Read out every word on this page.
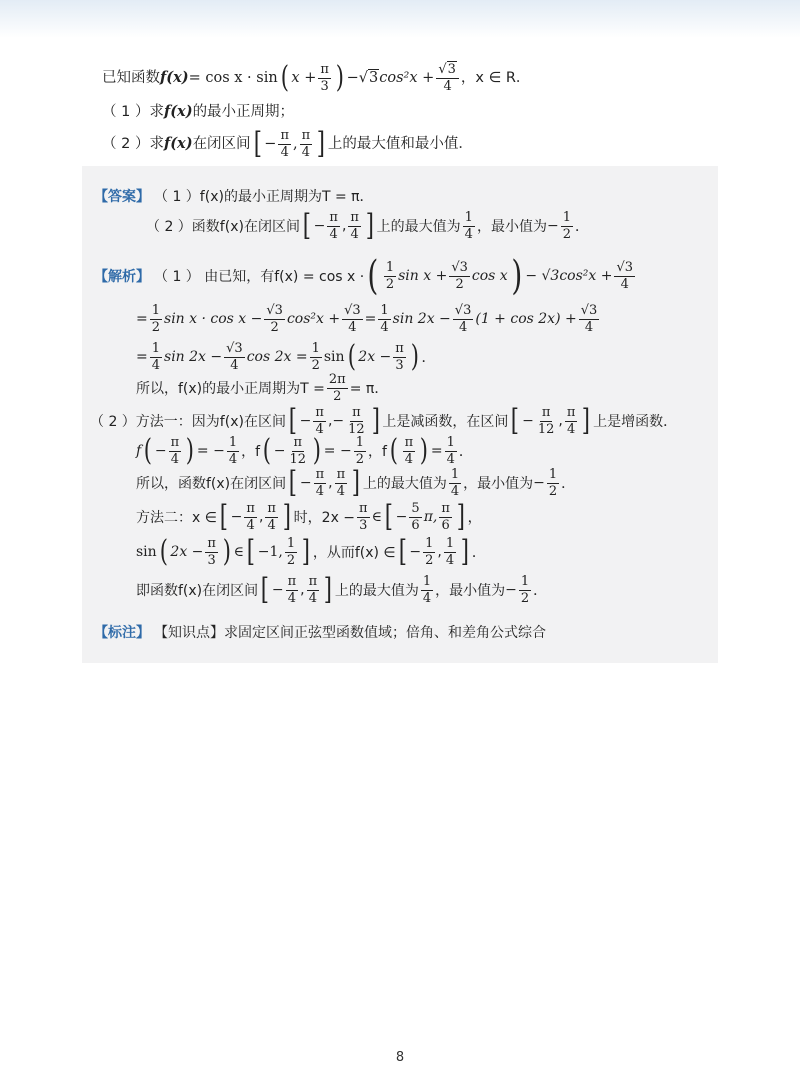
已知函数 f(x) = cos x · sin ( $x + \frac{\pi}{3}$ ) − √3 $\cos^2x + \frac{√3}{4}$ ，x ∈ R．
（ 1 ）求 f(x) 的最小正周期；
（ 2 ）求 f(x) 在闭区间 [ − $\frac{\pi}{4}$ , $\frac{\pi}{4}$ ] 上的最大值和最小值．
【答案】 （ 1 ）f(x)的最小正周期为T = π．
（ 2 ）函数f(x)在闭区间 [ − $\frac{\pi}{4}$ , $\frac{\pi}{4}$ ] 上的最大值为 $\frac{1}{4}$ ，最小值为 − $\frac{1}{2}$ ．
【解析】 （ 1 ） 由已知，有f(x) = cos x · ( $\frac{1}{2}$ $\sin x + \frac{√3}{2}$ cos x ) − $√3\cos^2x + \frac{√3}{4}$
= $\frac{1}{2}$ $\sin x \cdot \cos x - \frac{√3}{2} \cos^2x + \frac{√3}{4} = \frac{1}{4}$ $\sin 2x - \frac{√3}{4} (1 + \cos 2x) + \frac{√3}{4}$
= $\frac{1}{4}$ $\sin 2x - \frac{√3}{4}$ $\cos 2x = \frac{1}{2}$ sin ( $2x - \frac{\pi}{3}$ ) ．
所以，f(x)的最小正周期为$T = \frac{2\pi}{2} = \pi$．
（ 2 ）方法一：因为f(x)在区间 [ − $\frac{\pi}{4}$ , − $\frac{\pi}{12}$ ] 上是减函数，在区间 [ − $\frac{\pi}{12}$ , $\frac{\pi}{4}$ ] 上是增函数．
f ( − $\frac{\pi}{4}$ ) = − $\frac{1}{4}$ ，f ( − $\frac{\pi}{12}$ ) = − $\frac{1}{2}$ ，f ( $\frac{\pi}{4}$ ) = $\frac{1}{4}$ ．
所以，函数f(x)在闭区间 [ − $\frac{\pi}{4}$ , $\frac{\pi}{4}$ ] 上的最大值为 $\frac{1}{4}$ ，最小值为 − $\frac{1}{2}$ ．
方法二：x ∈ [ − $\frac{\pi}{4}$ , $\frac{\pi}{4}$ ] 时，$2x - \frac{\pi}{3}$ ∈ [ − $\frac{5}{6} \pi$, $\frac{\pi}{6}$ ] ，
sin ( $2x - \frac{\pi}{3}$ ) ∈ [ −1, $\frac{1}{2}$ ] ，从而f(x) ∈ [ − $\frac{1}{2}$ , $\frac{1}{4}$ ] ．
即函数f(x)在闭区间 [ − $\frac{\pi}{4}$ , $\frac{\pi}{4}$ ] 上的最大值为 $\frac{1}{4}$ ，最小值为 − $\frac{1}{2}$ ．
【标注】 【知识点】求固定区间正弦型函数值域；倍角、和差角公式综合
8
